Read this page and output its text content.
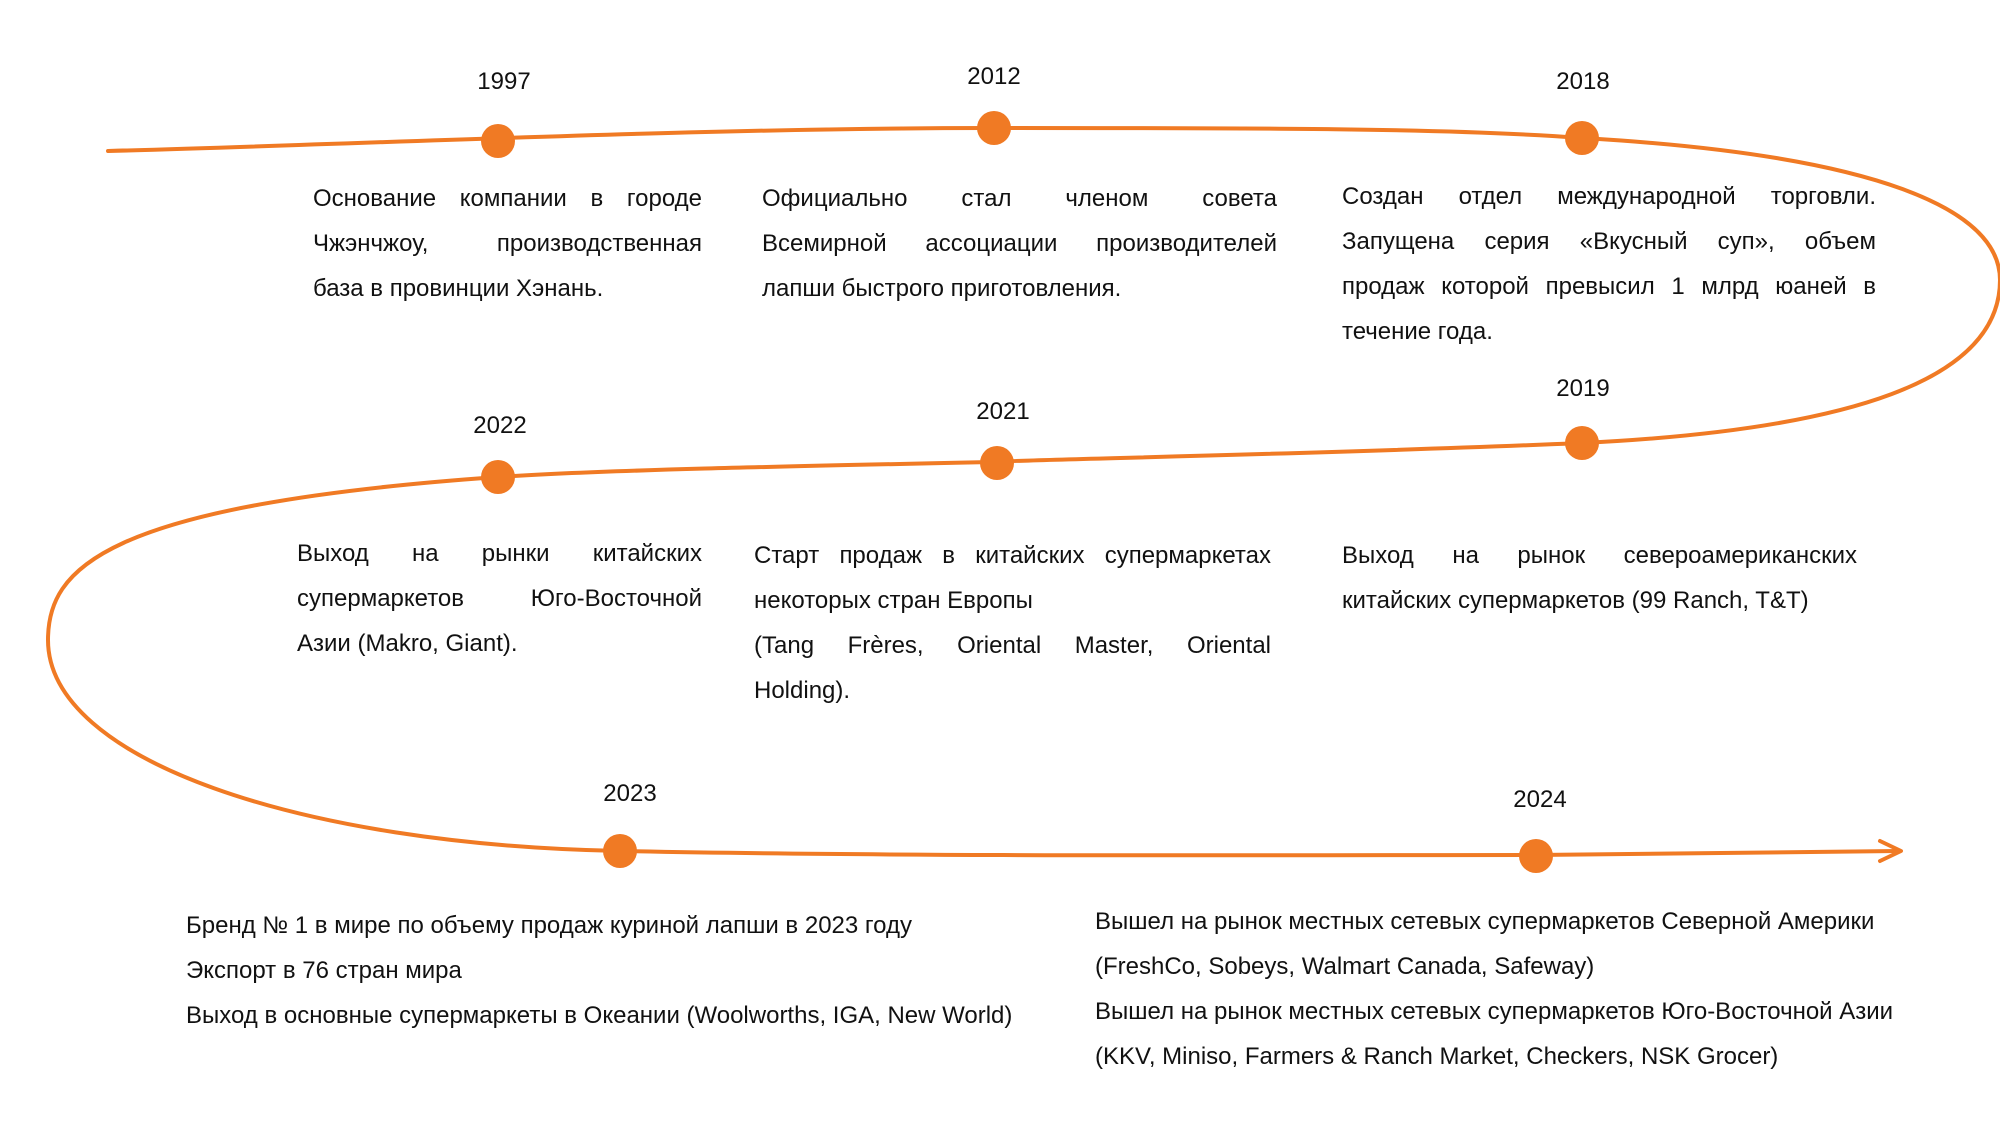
1997	2012	2018
2019
2021
2022
2023	2024
Основание компании в городе
Чжэнчжоу, производственная
база в провинции Хэнань.
Официально стал членом совета
Всемирной ассоциации производителей
лапши быстрого приготовления.
Создан отдел международной торговли.
Запущена серия «Вкусный суп», объем
продаж которой превысил 1 млрд юаней в
течение года.
Выход на рынок североамериканских
китайских супермаркетов (99 Ranch, T&T)
Старт продаж в китайских супермаркетах
некоторых стран Европы
(Tang Frères, Oriental Master, Oriental
Holding).
Выход на рынки китайских
супермаркетов Юго-Восточной
Азии (Makro, Giant).
Бренд № 1 в мире по объему продаж куриной лапши в 2023 году
Экспорт в 76 стран мира
Выход в основные супермаркеты в Океании (Woolworths, IGA, New World)
Вышел на рынок местных сетевых супермаркетов Северной Америки
(FreshCo, Sobeys, Walmart Canada, Safeway)
Вышел на рынок местных сетевых супермаркетов Юго-Восточной Азии
(KKV, Miniso, Farmers & Ranch Market, Checkers, NSK Grocer)
